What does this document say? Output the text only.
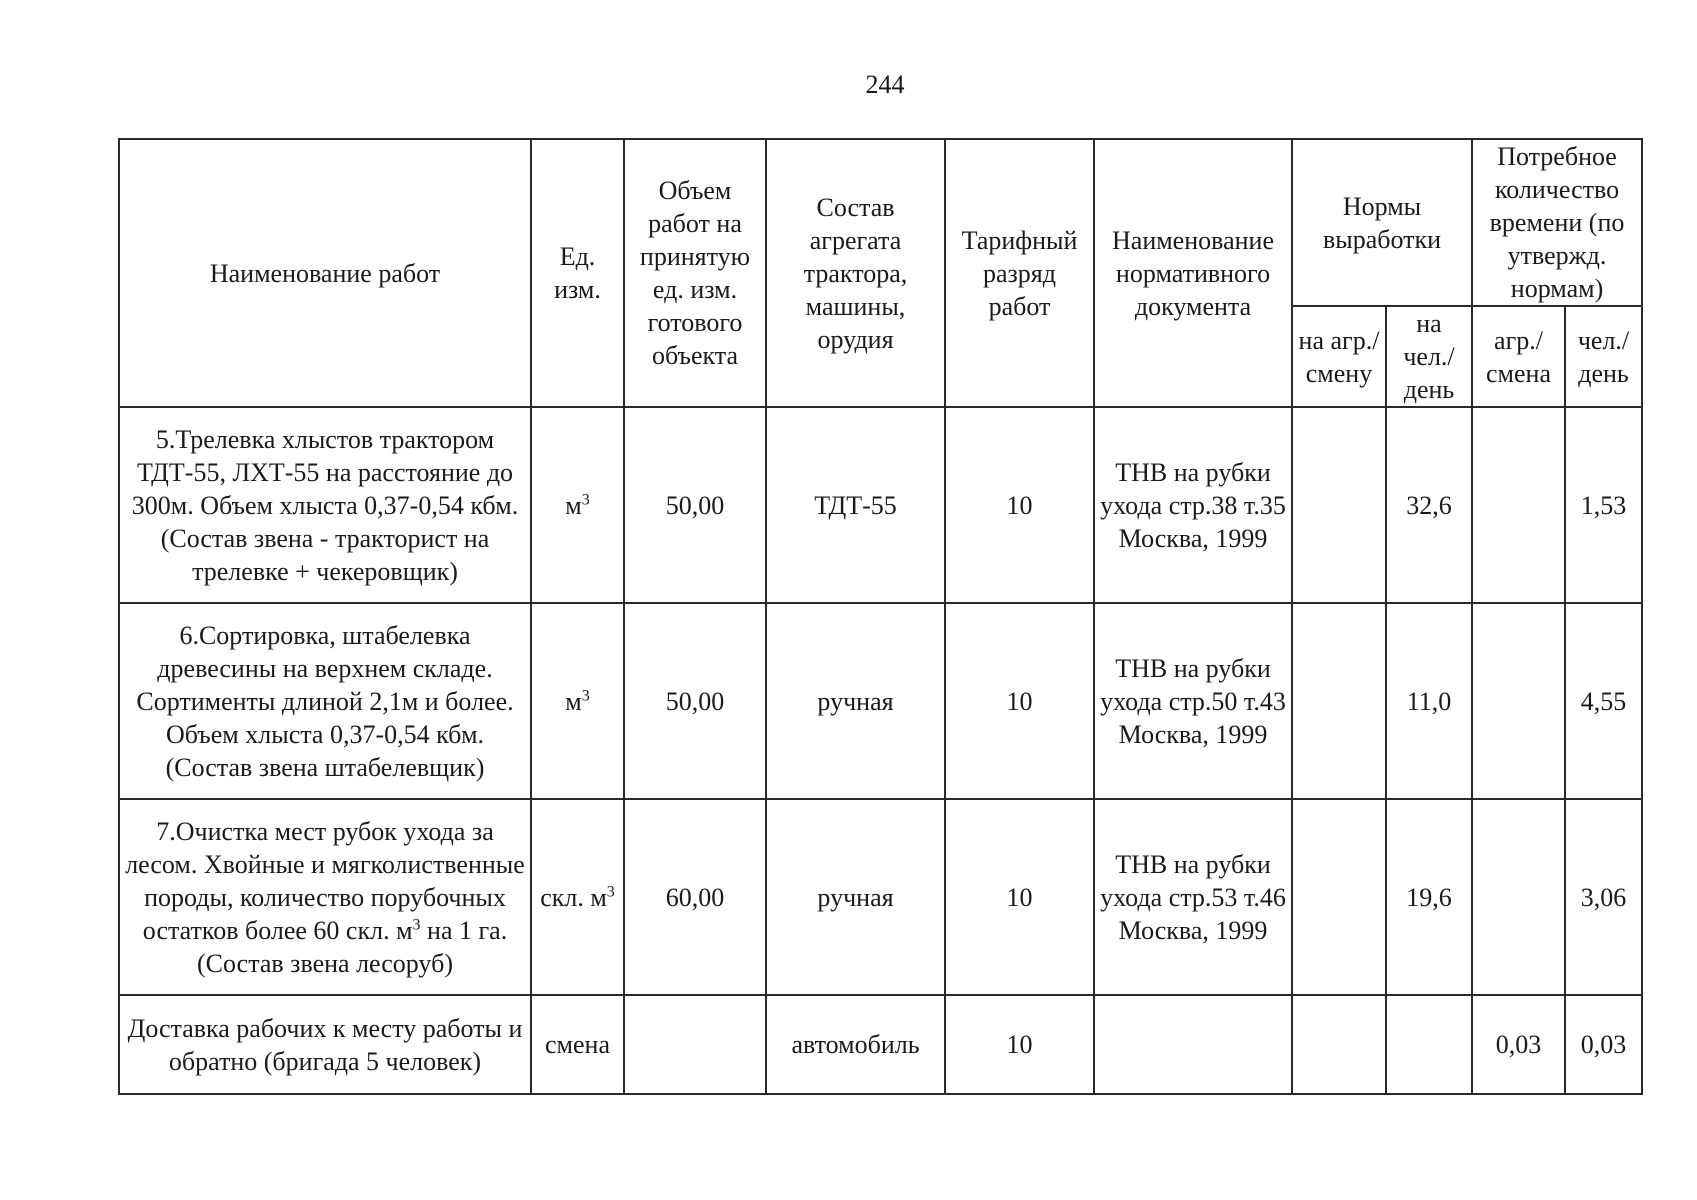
244
Наименование работ	Ед. изм.	Объем работ на принятую ед. изм. готового объекта	Состав агрегата трактора, машины, орудия	Тарифный разряд работ	Наименование нормативного документа	Нормы выработки		Потребное количество времени (по утвержд. нормам)	
						на агр./ смену	на чел./ день	агр./ смена	чел./ день
5.Трелевка хлыстов трактором ТДТ-55, ЛХТ-55 на расстояние до 300м. Объем хлыста 0,37-0,54 кбм. (Состав звена - тракторист на трелевке + чекеровщик)	$м^3$	50,00	ТДТ-55	10	ТНВ на рубки ухода стр.38 т.35 Москва, 1999		32,6		1,53
6.Сортировка, штабелевка древесины на верхнем складе. Сортименты длиной 2,1м и более. Объем хлыста 0,37-0,54 кбм. (Состав звена штабелевщик)	$м^3$	50,00	ручная	10	ТНВ на рубки ухода стр.50 т.43 Москва, 1999		11,0		4,55
7.Очистка мест рубок ухода за лесом. Хвойные и мягколиственные породы, количество порубочных остатков более 60 скл. $м^3$ на 1 га. (Состав звена лесоруб)	скл. $м^3$	60,00	ручная	10	ТНВ на рубки ухода стр.53 т.46 Москва, 1999		19,6		3,06
Доставка рабочих к месту работы и обратно (бригада 5 человек)	смена		автомобиль	10				0,03	0,03
